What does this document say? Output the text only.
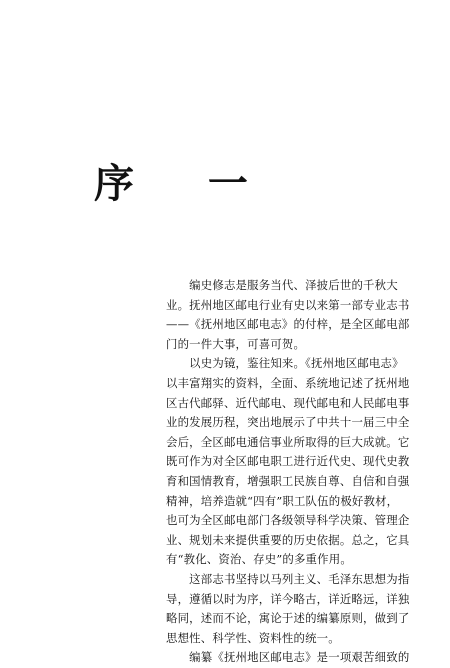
序 一
　　编史修志是服务当代、泽披后世的千秋大
业。抚州地区邮电行业有史以来第一部专业志书
——《抚州地区邮电志》的付梓，是全区邮电部
门的一件大事，可喜可贺。
　　以史为镜，鉴往知来。《抚州地区邮电志》
以丰富翔实的资料，全面、系统地记述了抚州地
区古代邮驿、近代邮电、现代邮电和人民邮电事
业的发展历程，突出地展示了中共十一届三中全
会后，全区邮电通信事业所取得的巨大成就。它
既可作为对全区邮电职工进行近代史、现代史教
育和国情教育，增强职工民族自尊、自信和自强
精神，培养造就“四有”职工队伍的极好教材，
也可为全区邮电部门各级领导科学决策、管理企
业、规划未来提供重要的历史依据。总之，它具
有“教化、资治、存史”的多重作用。
　　这部志书坚持以马列主义、毛泽东思想为指
导，遵循以时为序，详今略古，详近略远，详独
略同，述而不论，寓论于述的编纂原则，做到了
思想性、科学性、资料性的统一。
　　编纂《抚州地区邮电志》是一项艰苦细致的
